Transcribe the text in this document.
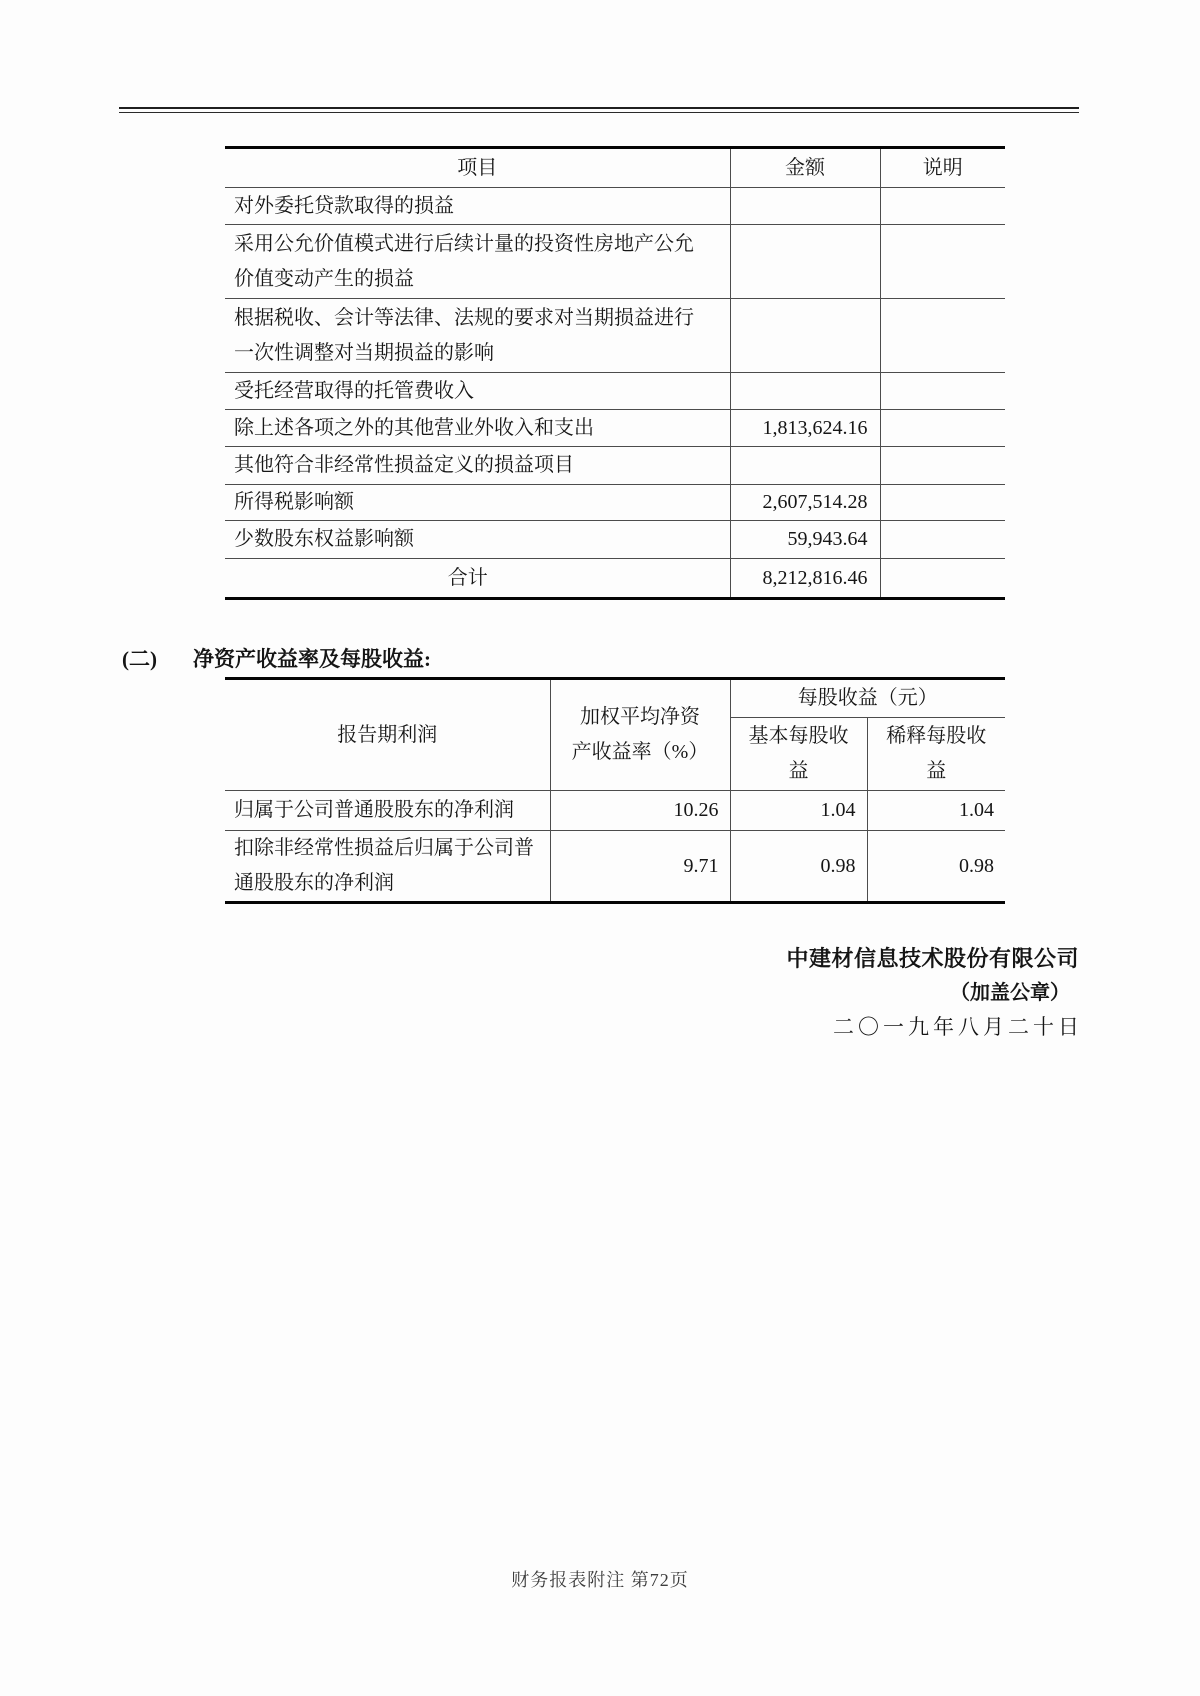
项目	金额	说明
对外委托贷款取得的损益		
采用公允价值模式进行后续计量的投资性房地产公允价值变动产生的损益		
根据税收、会计等法律、法规的要求对当期损益进行一次性调整对当期损益的影响		
受托经营取得的托管费收入		
除上述各项之外的其他营业外收入和支出	1,813,624.16	
其他符合非经常性损益定义的损益项目		
所得税影响额	2,607,514.28	
少数股东权益影响额	59,943.64	
合计	8,212,816.46	
(二) 净资产收益率及每股收益:
报告期利润	加权平均净资产收益率（%）	每股收益（元）	
		基本每股收益	稀释每股收益
归属于公司普通股股东的净利润	10.26	1.04	1.04
扣除非经常性损益后归属于公司普通股股东的净利润	9.71	0.98	0.98
中建材信息技术股份有限公司
（加盖公章）
二〇一九年八月二十日
财务报表附注 第72页
